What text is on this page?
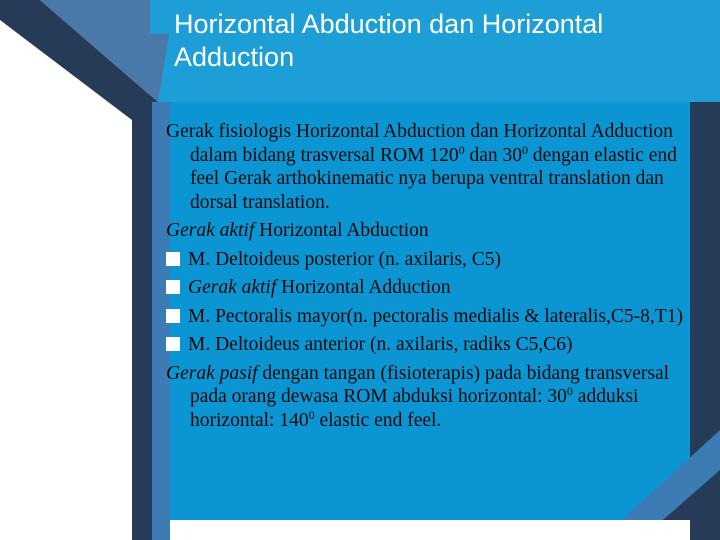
Horizontal Abduction dan Horizontal Adduction

Gerak fisiologis Horizontal Abduction dan Horizontal Adduction dalam bidang trasversal ROM $120^0$ dan $30^0$ dengan elastic end feel Gerak arthokinematic nya berupa ventral translation dan dorsal translation.

Gerak aktif Horizontal Abduction

M. Deltoideus posterior (n. axilaris, C5)

Gerak aktif Horizontal Adduction

M. Pectoralis mayor(n. pectoralis medialis & lateralis,C5-8,T1)

M. Deltoideus anterior (n. axilaris, radiks C5,C6)

Gerak pasif dengan tangan (fisioterapis) pada bidang transversal pada orang dewasa ROM abduksi horizontal: $30^0$ adduksi horizontal: $140^0$ elastic end feel.
